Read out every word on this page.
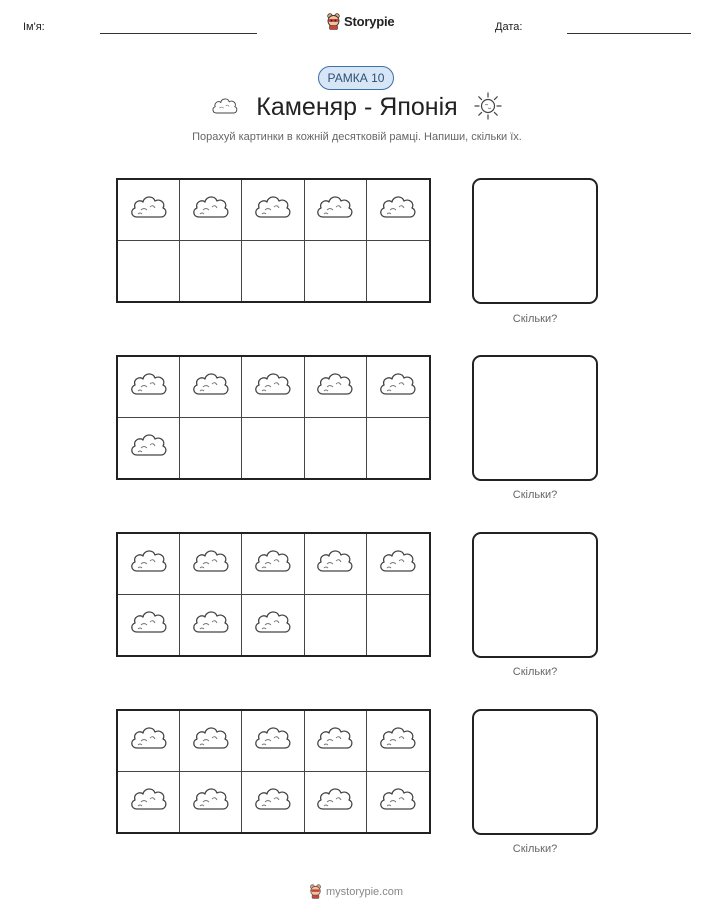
Ім'я:	Storypie	Дата:
РАМКА 10
Каменяр - Японія
Порахуй картинки в кожній десятковій рамці. Напиши, скільки їх.
Скільки?
Скільки?
Скільки?
Скільки?
mystorypie.com
